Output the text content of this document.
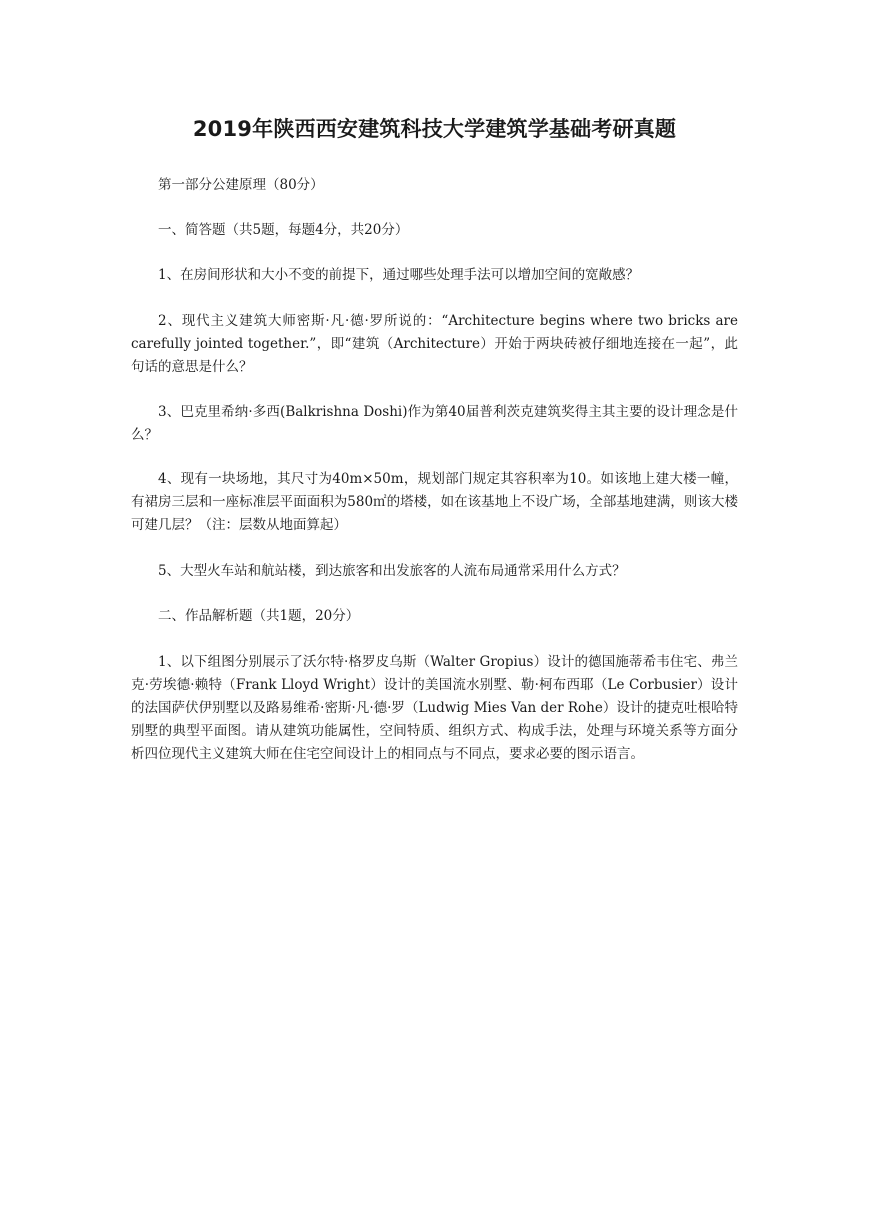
2019年陕西西安建筑科技大学建筑学基础考研真题

第一部分公建原理（80分）

一、简答题（共5题，每题4分，共20分）

1、在房间形状和大小不变的前提下，通过哪些处理手法可以增加空间的宽敞感？

2、现代主义建筑大师密斯·凡·德·罗所说的：“Architecture begins where two bricks are carefully jointed together.”，即“建筑（Architecture）开始于两块砖被仔细地连接在一起”，此句话的意思是什么？

3、巴克里希纳·多西(Balkrishna Doshi)作为第40届普利茨克建筑奖得主其主要的设计理念是什么？

4、现有一块场地，其尺寸为40m×50m，规划部门规定其容积率为10。如该地上建大楼一幢，有裙房三层和一座标准层平面面积为580㎡的塔楼，如在该基地上不设广场，全部基地建满，则该大楼可建几层？（注：层数从地面算起）

5、大型火车站和航站楼，到达旅客和出发旅客的人流布局通常采用什么方式？

二、作品解析题（共1题，20分）

1、以下组图分别展示了沃尔特·格罗皮乌斯（Walter Gropius）设计的德国施蒂希韦住宅、弗兰克·劳埃德·赖特（Frank Lloyd Wright）设计的美国流水别墅、勒·柯布西耶（Le Corbusier）设计的法国萨伏伊别墅以及路易维希·密斯·凡·德·罗（Ludwig Mies Van der Rohe）设计的捷克吐根哈特别墅的典型平面图。请从建筑功能属性，空间特质、组织方式、构成手法，处理与环境关系等方面分析四位现代主义建筑大师在住宅空间设计上的相同点与不同点，要求必要的图示语言。
